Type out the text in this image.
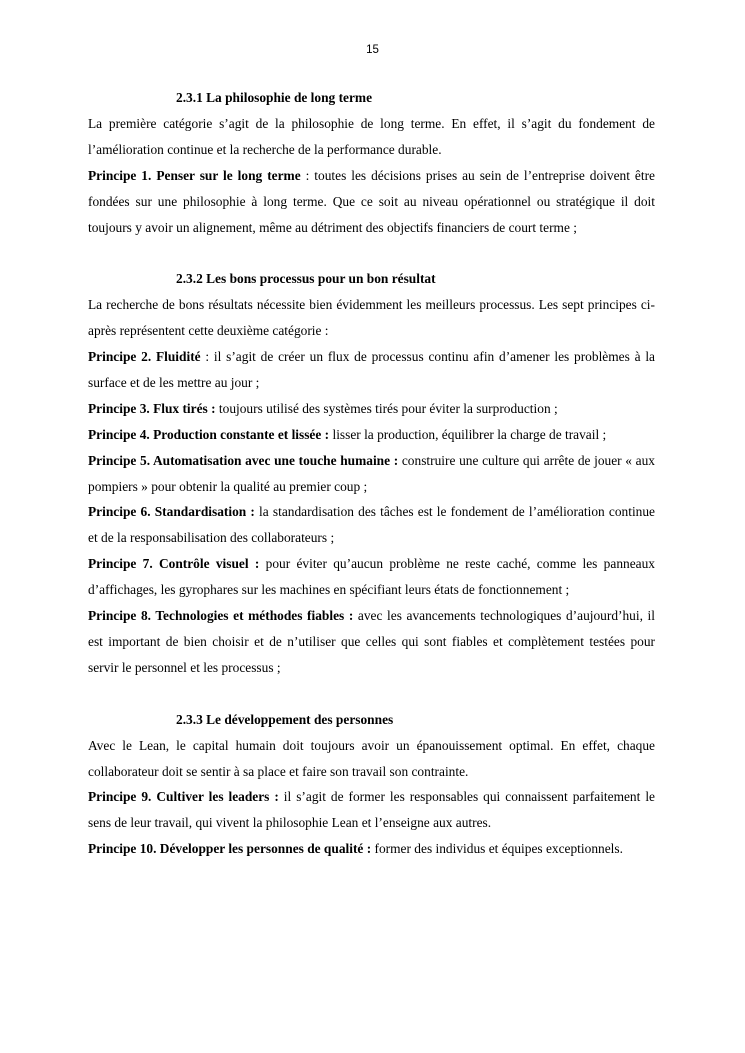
15
2.3.1 La philosophie de long terme

La première catégorie s’agit de la philosophie de long terme. En effet, il s’agit du fondement de l’amélioration continue et la recherche de la performance durable.

Principe 1. Penser sur le long terme : toutes les décisions prises au sein de l’entreprise doivent être fondées sur une philosophie à long terme. Que ce soit au niveau opérationnel ou stratégique il doit toujours y avoir un alignement, même au détriment des objectifs financiers de court terme ;

2.3.2 Les bons processus pour un bon résultat

La recherche de bons résultats nécessite bien évidemment les meilleurs processus. Les sept principes ci-après représentent cette deuxième catégorie :

Principe 2. Fluidité : il s’agit de créer un flux de processus continu afin d’amener les problèmes à la surface et de les mettre au jour ;

Principe 3. Flux tirés : toujours utilisé des systèmes tirés pour éviter la surproduction ;

Principe 4. Production constante et lissée : lisser la production, équilibrer la charge de travail ;

Principe 5. Automatisation avec une touche humaine : construire une culture qui arrête de jouer « aux pompiers » pour obtenir la qualité au premier coup ;

Principe 6. Standardisation : la standardisation des tâches est le fondement de l’amélioration continue et de la responsabilisation des collaborateurs ;

Principe 7. Contrôle visuel : pour éviter qu’aucun problème ne reste caché, comme les panneaux d’affichages, les gyrophares sur les machines en spécifiant leurs états de fonctionnement ;

Principe 8. Technologies et méthodes fiables : avec les avancements technologiques d’aujourd’hui, il est important de bien choisir et de n’utiliser que celles qui sont fiables et complètement testées pour servir le personnel et les processus ;

2.3.3 Le développement des personnes

Avec le Lean, le capital humain doit toujours avoir un épanouissement optimal. En effet, chaque collaborateur doit se sentir à sa place et faire son travail son contrainte.

Principe 9. Cultiver les leaders : il s’agit de former les responsables qui connaissent parfaitement le sens de leur travail, qui vivent la philosophie Lean et l’enseigne aux autres.

Principe 10. Développer les personnes de qualité : former des individus et équipes exceptionnels.
